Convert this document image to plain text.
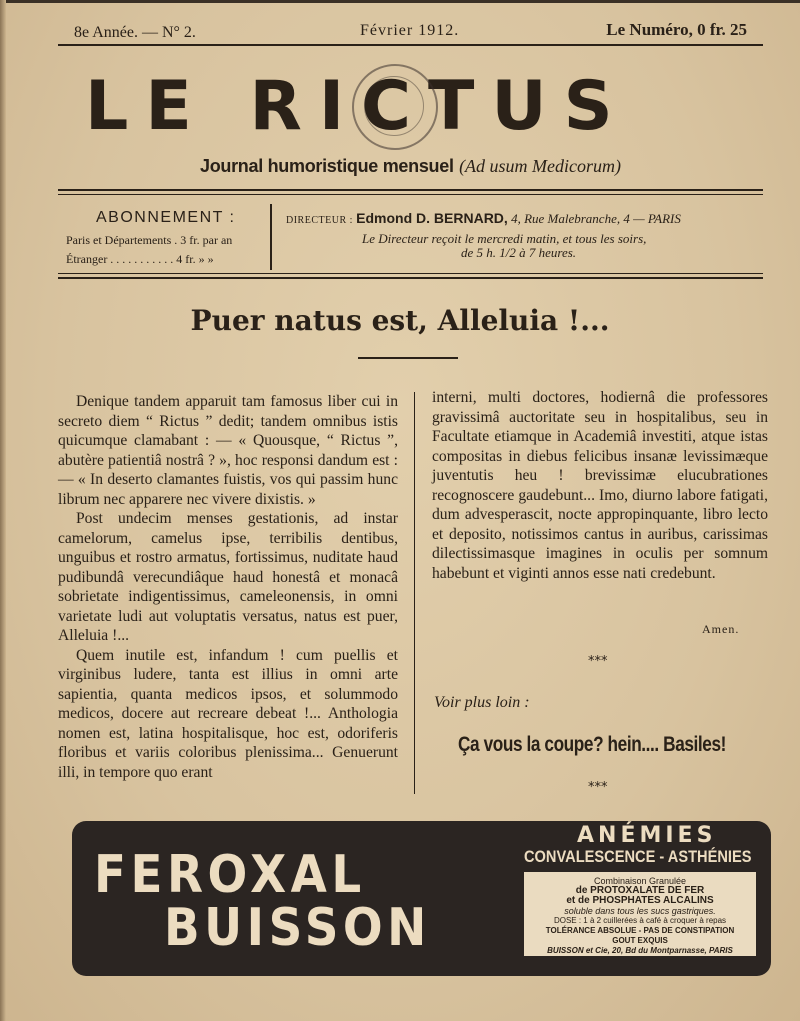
8e Année. — N° 2.	Février 1912.	Le Numéro, 0 fr. 25
LE RICTUS
Journal humoristique mensuel (Ad usum Medicorum)
ABONNEMENT :
Paris et Départements . 3 fr. par an
Étranger . . . . . . . . . . . 4 fr. » »
DIRECTEUR : Edmond D. BERNARD, 4, Rue Malebranche, 4 — PARIS
Le Directeur reçoit le mercredi matin, et tous les soirs,
de 5 h. 1/2 à 7 heures.
Puer natus est, Alleluia !...

Denique tandem apparuit tam famosus liber cui in secreto diem “ Rictus ” dedit; tandem omnibus istis quicumque clamabant : — « Quousque, “ Rictus ”, abutère patientiâ nostrâ ? », hoc responsi dandum est : — « In deserto clamantes fuistis, vos qui passim hunc librum nec apparere nec vivere dixistis. »

Post undecim menses gestationis, ad instar camelorum, camelus ipse, terribilis dentibus, unguibus et rostro armatus, fortissimus, nuditate haud pudibundâ verecundiâque haud honestâ et monacâ sobrietate indigentissimus, cameleonensis, in omni varietate ludi aut voluptatis versatus, natus est puer, Alleluia !...

Quem inutile est, infandum ! cum puellis et virginibus ludere, tanta est illius in omni arte sapientia, quanta medicos ipsos, et solummodo medicos, docere aut recreare debeat !... Anthologia nomen est, latina hospitalisque, hoc est, odoriferis floribus et variis coloribus plenissima... Genuerunt illi, in tempore quo erant

interni, multi doctores, hodiernâ die professores gravissimâ auctoritate seu in hospitalibus, seu in Facultate etiamque in Academiâ investiti, atque istas compositas in diebus felicibus insanæ levissimæque juventutis heu ! brevissimæ elucubrationes recognoscere gaudebunt... Imo, diurno labore fatigati, dum advesperascit, nocte appropinquante, libro lecto et deposito, notissimos cantus in auribus, carissimas dilectissimasque imagines in oculis per somnum habebunt et viginti annos esse nati credebunt.

Amen.
***
Voir plus loin :
Ça vous la coupe? hein.... Basiles!
***
FEROXAL
BUISSON
ANÉMIES
CONVALESCENCE - ASTHÉNIES
Combinaison Granulée
de PROTOXALATE DE FER
et de PHOSPHATES ALCALINS
soluble dans tous les sucs gastriques.
DOSE : 1 à 2 cuillerées à café à croquer à repas
TOLÉRANCE ABSOLUE - PAS DE CONSTIPATION
GOUT EXQUIS
BUISSON et Cie, 20, Bd du Montparnasse, PARIS
